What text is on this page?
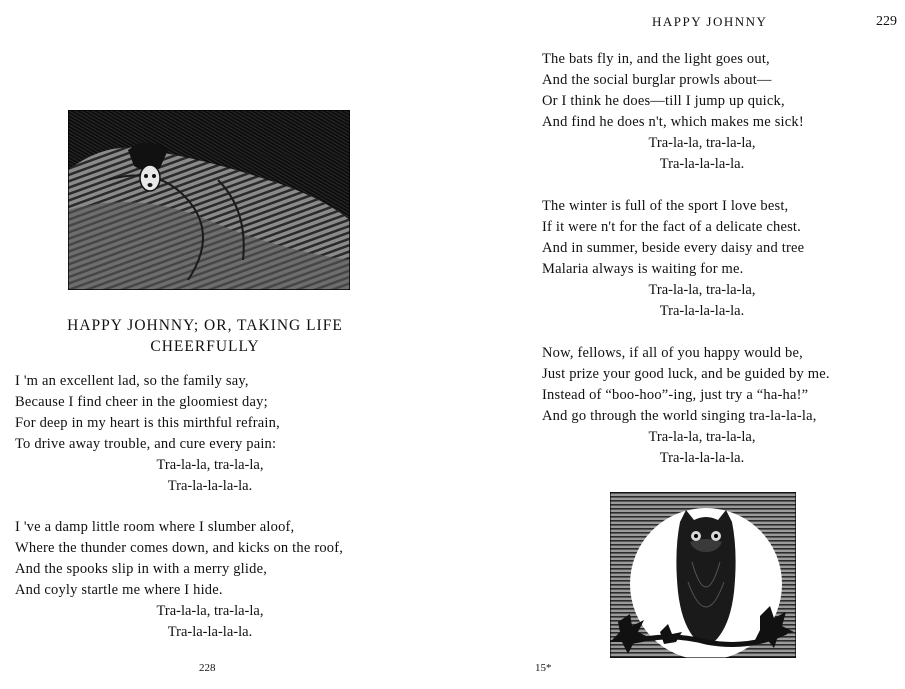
HAPPY JOHNNY; OR, TAKING LIFE
CHEERFULLY
I 'm an excellent lad, so the family say,
Because I find cheer in the gloomiest day;
For deep in my heart is this mirthful refrain,
To drive away trouble, and cure every pain:
Tra-la-la, tra-la-la,
Tra-la-la-la-la.
I 've a damp little room where I slumber aloof,
Where the thunder comes down, and kicks on the roof,
And the spooks slip in with a merry glide,
And coyly startle me where I hide.
Tra-la-la, tra-la-la,
Tra-la-la-la-la.
228
HAPPY JOHNNY	229
The bats fly in, and the light goes out,
And the social burglar prowls about—
Or I think he does—till I jump up quick,
And find he does n't, which makes me sick!
Tra-la-la, tra-la-la,
Tra-la-la-la-la.
The winter is full of the sport I love best,
If it were n't for the fact of a delicate chest.
And in summer, beside every daisy and tree
Malaria always is waiting for me.
Tra-la-la, tra-la-la,
Tra-la-la-la-la.
Now, fellows, if all of you happy would be,
Just prize your good luck, and be guided by me.
Instead of “boo-hoo”-ing, just try a “ha-ha!”
And go through the world singing tra-la-la-la,
Tra-la-la, tra-la-la,
Tra-la-la-la-la.
15*
